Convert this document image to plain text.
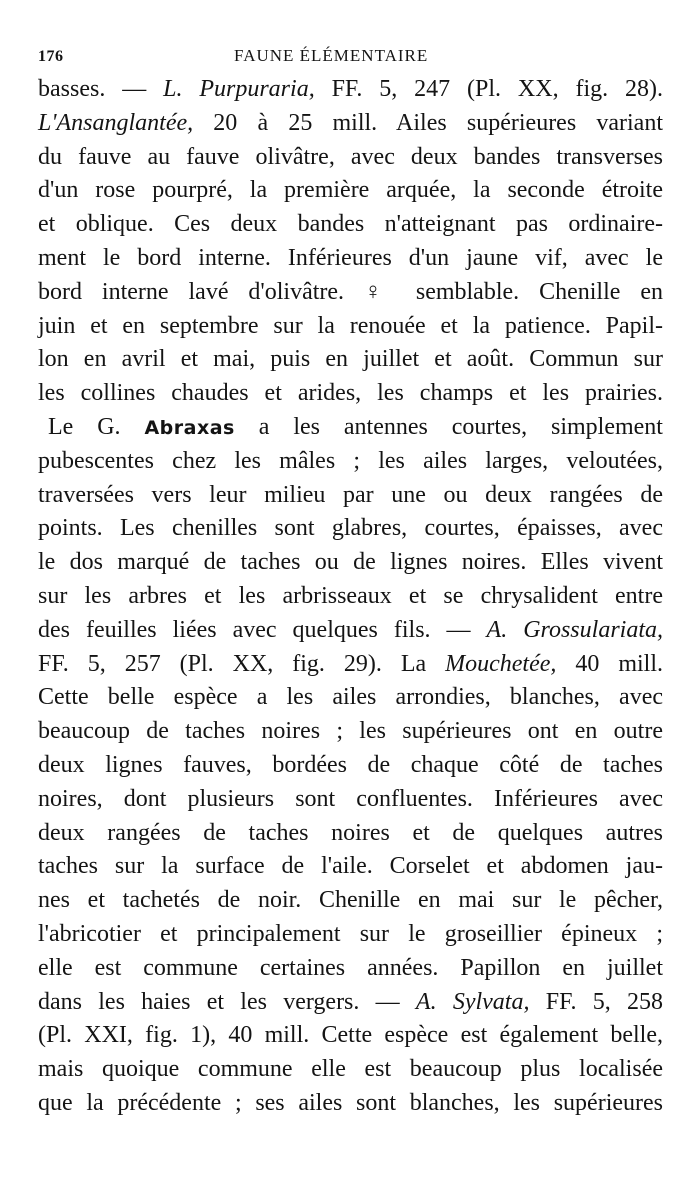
176	FAUNE ÉLÉMENTAIRE
basses. — L. Purpuraria, FF. 5, 247 (Pl. XX, fig. 28).
L'Ansanglantée, 20 à 25 mill. Ailes supérieures variant
du fauve au fauve olivâtre, avec deux bandes transverses
d'un rose pourpré, la première arquée, la seconde étroite
et oblique. Ces deux bandes n'atteignant pas ordinaire-
ment le bord interne. Inférieures d'un jaune vif, avec le
bord interne lavé d'olivâtre. ♀ semblable. Chenille en
juin et en septembre sur la renouée et la patience. Papil-
lon en avril et mai, puis en juillet et août. Commun sur
les collines chaudes et arides, les champs et les prairies.
Le G. Abraxas a les antennes courtes, simplement
pubescentes chez les mâles ; les ailes larges, veloutées,
traversées vers leur milieu par une ou deux rangées de
points. Les chenilles sont glabres, courtes, épaisses, avec
le dos marqué de taches ou de lignes noires. Elles vivent
sur les arbres et les arbrisseaux et se chrysalident entre
des feuilles liées avec quelques fils. — A. Grossulariata,
FF. 5, 257 (Pl. XX, fig. 29). La Mouchetée, 40 mill.
Cette belle espèce a les ailes arrondies, blanches, avec
beaucoup de taches noires ; les supérieures ont en outre
deux lignes fauves, bordées de chaque côté de taches
noires, dont plusieurs sont confluentes. Inférieures avec
deux rangées de taches noires et de quelques autres
taches sur la surface de l'aile. Corselet et abdomen jau-
nes et tachetés de noir. Chenille en mai sur le pêcher,
l'abricotier et principalement sur le groseillier épineux ;
elle est commune certaines années. Papillon en juillet
dans les haies et les vergers. — A. Sylvata, FF. 5, 258
(Pl. XXI, fig. 1), 40 mill. Cette espèce est également belle,
mais quoique commune elle est beaucoup plus localisée
que la précédente ; ses ailes sont blanches, les supérieures
